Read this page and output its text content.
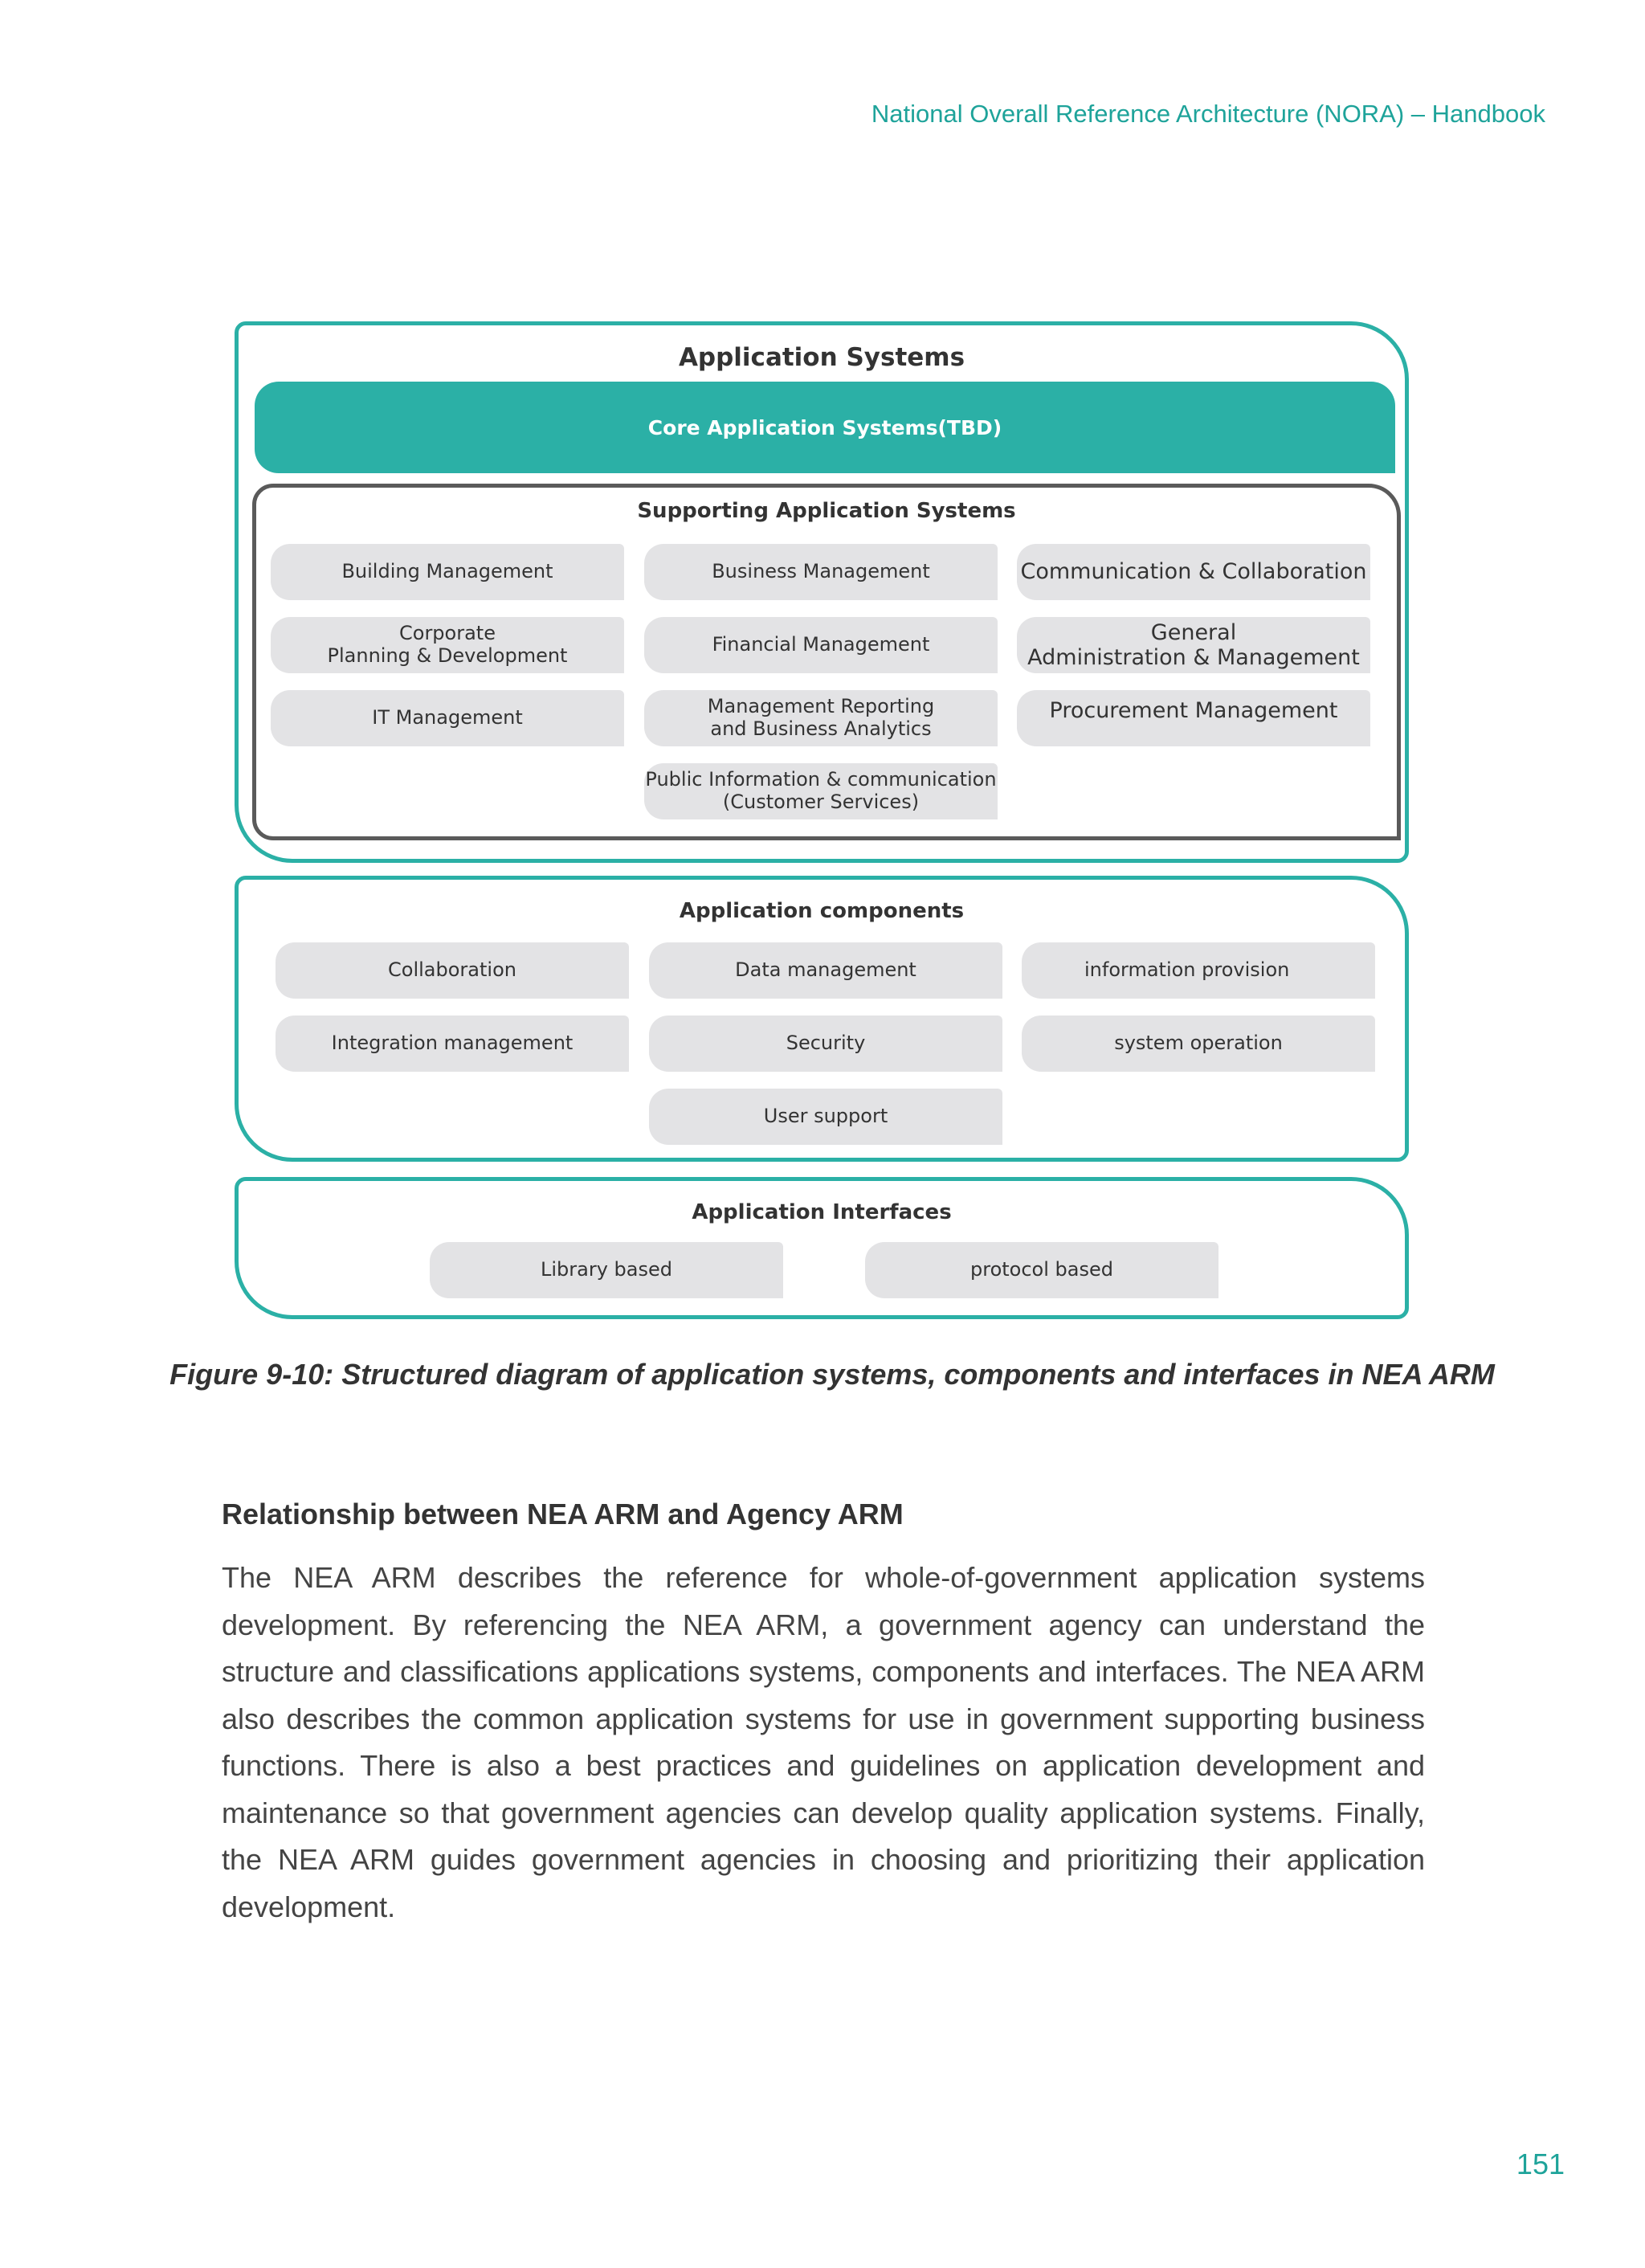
National Overall Reference Architecture (NORA) – Handbook
Application Systems
Core Application Systems(TBD)
Supporting Application Systems
Building Management	Business Management	Communication & Collaboration
Corporate
Planning & Development	Financial Management	General
Administration & Management
IT Management	Management Reporting
and Business Analytics
Procurement Management
Public Information & communication
(Customer Services)
Application components
Collaboration	Data management	information provision
Integration management	Security	system operation
User support
Application Interfaces
Library based	protocol based
Figure 9-10: Structured diagram of application systems, components and interfaces in NEA ARM
Relationship between NEA ARM and Agency ARM
The NEA ARM describes the reference for whole-of-government application systems development. By referencing the NEA ARM, a government agency can understand the structure and classifications applications systems, components and interfaces. The NEA ARM also describes the common application systems for use in government supporting business functions. There is also a best practices and guidelines on application development and maintenance so that government agencies can develop quality application systems. Finally, the NEA ARM guides government agencies in choosing and prioritizing their application development.
151
